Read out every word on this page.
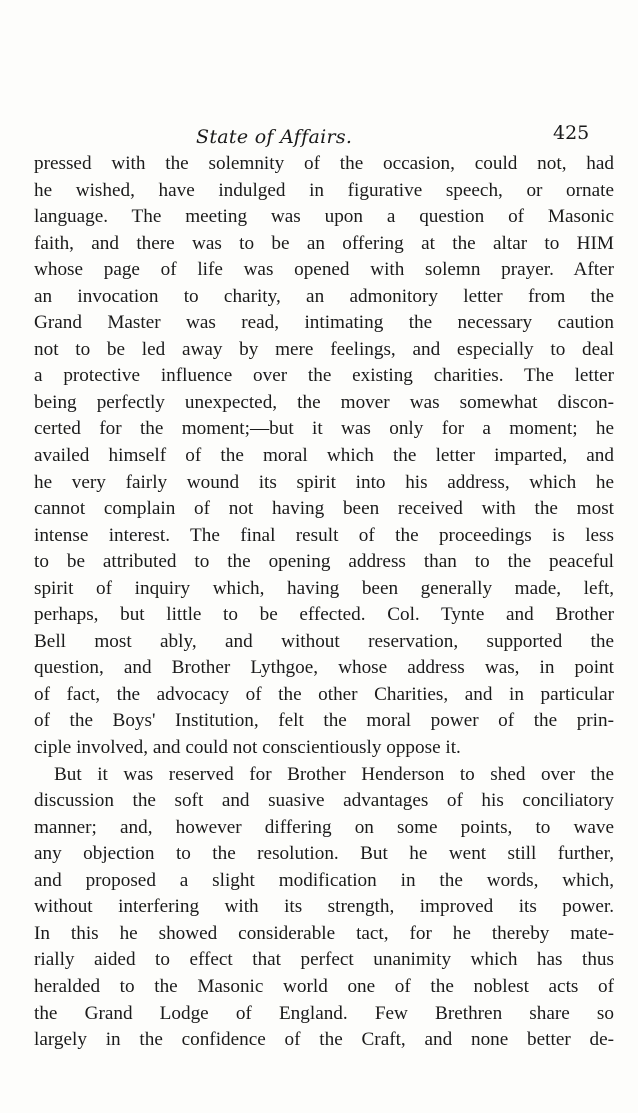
State of Affairs.	425
pressed with the solemnity of the occasion, could not, had
he wished, have indulged in figurative speech, or ornate
language. The meeting was upon a question of Masonic
faith, and there was to be an offering at the altar to HIM
whose page of life was opened with solemn prayer. After
an invocation to charity, an admonitory letter from the
Grand Master was read, intimating the necessary caution
not to be led away by mere feelings, and especially to deal
a protective influence over the existing charities. The letter
being perfectly unexpected, the mover was somewhat discon-
certed for the moment;—but it was only for a moment; he
availed himself of the moral which the letter imparted, and
he very fairly wound its spirit into his address, which he
cannot complain of not having been received with the most
intense interest. The final result of the proceedings is less
to be attributed to the opening address than to the peaceful
spirit of inquiry which, having been generally made, left,
perhaps, but little to be effected. Col. Tynte and Brother
Bell most ably, and without reservation, supported the
question, and Brother Lythgoe, whose address was, in point
of fact, the advocacy of the other Charities, and in particular
of the Boys' Institution, felt the moral power of the prin-
ciple involved, and could not conscientiously oppose it.
But it was reserved for Brother Henderson to shed over the
discussion the soft and suasive advantages of his conciliatory
manner; and, however differing on some points, to wave
any objection to the resolution. But he went still further,
and proposed a slight modification in the words, which,
without interfering with its strength, improved its power.
In this he showed considerable tact, for he thereby mate-
rially aided to effect that perfect unanimity which has thus
heralded to the Masonic world one of the noblest acts of
the Grand Lodge of England. Few Brethren share so
largely in the confidence of the Craft, and none better de-
